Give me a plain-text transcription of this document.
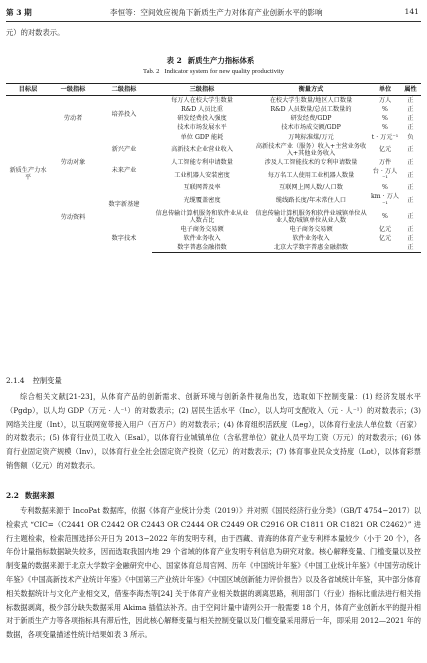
第 3 期	李恒等：空间效应视角下新质生产力对体育产业创新水平的影响	141
元）的对数表示。
表 2 新质生产力指标体系
Tab. 2 Indicator system for new quality productivity
目标层	一级指标	二级指标	三级指标	衡量方式	单位	属性
新质生产力水平	劳动者	培养投入	每万人在校大学生数量	在校大学生数量/地区人口数量	万人	正
			R&D 人员比重	R&D 人员数量/总员工数量的	%	正
			研发经费投入强度	研发经费/GDP	%	正
			技术市场发展水平	技术市场成交额/GDP	%	正
			单位 GDP 能耗	万吨标准煤/万元	t · 万元⁻¹	负
	劳动对象	新兴产业	高新技术企业营业收入	高新技术产业（服务）收入+主营业务收入+其他业务收入	亿元	正
		未来产业	人工智能专利申请数量	涉及人工智能技术的专利申请数量	万件	正
			工业机器人安装密度	每万名工人使用工业机器人数量	台 · 万人⁻¹	正
	劳动资料	数字新基建	互联网普及率	互联网上网人数/人口数	%	正
			光缆覆盖密度	缆线路长度/年末常住人口	km · 万人⁻¹	正
			信息传输计算机服务和软件业从业人数占比	信息传输计算机服务和软件业城镇单位从业人数/城镇单位从业人数	%	正
		数字技术	电子商务交易额	电子商务交易额	亿元	正
			软件业务收入	软件业务收入	亿元	正
			数字普惠金融指数	北京大学数字普惠金融指数		正
2.1.4 控制变量
综合相关文献[21-23]，从体育产品的创新需求、创新环境与创新条件视角出发，选取如下控制变量：(1) 经济发展水平（Pgdp），以人均 GDP（万元 · 人⁻¹）的对数表示；(2) 居民生活水平（Inc），以人均可支配收入（元 · 人⁻¹）的对数表示；(3) 网络关注度（Int），以互联网宽带接入用户（百万户）的对数表示；(4) 体育组织活跃度（Leg），以体育行业法人单位数（百家）的对数表示；(5) 体育行业员工收入（Esal），以体育行业城镇单位（含私营单位）就业人员平均工资（万元）的对数表示；(6) 体育行业固定资产规模（Inv），以体育行业全社会固定资产投资（亿元）的对数表示；(7) 体育事业民众支持度（Lot），以体育彩票销售额（亿元）的对数表示。
2.2 数据来源
专利数据来源于 IncoPat 数据库，依据《体育产业统计分类（2019）》并对照《国民经济行业分类》（GB/T 4754−2017）以检索式 “CIC=（C2441 OR C2442 OR C2443 OR C2444 OR C2449 OR C2916 OR C1811 OR C1821 OR C2462）” 进行主题检索，检索范围选择公开日为 2013−2022 年的发明专利，由于西藏、青海的体育产业专利样本量较少（小于 20 个），各年份计量指标数据缺失较多，因而选取我国内地 29 个省域的体育产业发明专利信息为研究对象。核心解释变量、门槛变量以及控制变量的数据来源于北京大学数字金融研究中心、国家体育总局官网、历年《中国统计年鉴》《中国工业统计年鉴》《中国劳动统计年鉴》《中国高新技术产业统计年鉴》《中国第三产业统计年鉴》《中国区域创新能力评价报告》以及各省域统计年鉴，其中部分体育相关数据统计与文化产业相交叉，借鉴李海杰等[24] 关于体育产业相关数据的剥离思路，利用部门（行业）指标比重法进行相关指标数据剥离，极少部分缺失数据采用 Akima 插值法补齐。由于空间计量中请列公开一般需要 18 个月，体育产业创新水平的提升相对于新质生产力等各项指标具有滞后性，因此核心解释变量与相关控制变量以及门槛变量采用滞后一年，即采用 2012—2021 年的数据，各项变量描述性统计结果如表 3 所示。
